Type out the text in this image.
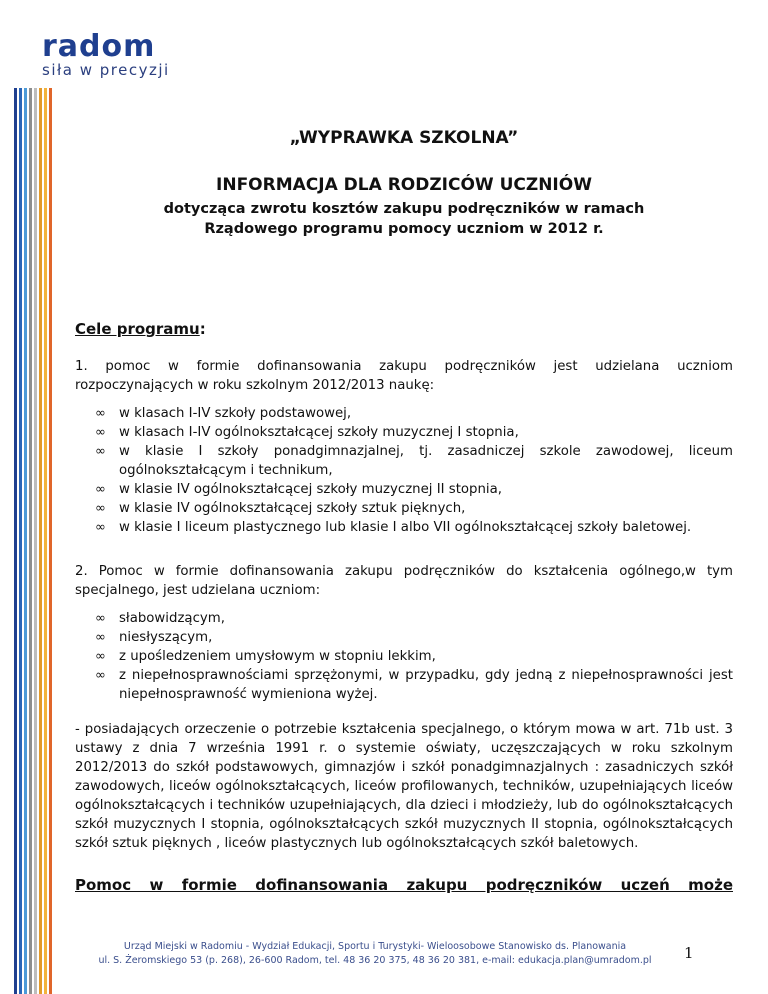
radom
siła w precyzji
„WYPRAWKA SZKOLNA”
INFORMACJA DLA RODZICÓW UCZNIÓW
dotycząca zwrotu kosztów zakupu podręczników w ramach
Rządowego programu pomocy uczniom w 2012 r.
Cele programu:
1. pomoc w formie dofinansowania zakupu podręczników jest udzielana uczniom rozpoczynających w roku szkolnym 2012/2013 naukę:
∞ w klasach I-IV szkoły podstawowej,
∞ w klasach I-IV ogólnokształcącej szkoły muzycznej I stopnia,
∞ w klasie I szkoły ponadgimnazjalnej, tj. zasadniczej szkole zawodowej, liceum ogólnokształcącym i technikum,
∞ w klasie IV ogólnokształcącej szkoły muzycznej II stopnia,
∞ w klasie IV ogólnokształcącej szkoły sztuk pięknych,
∞ w klasie I liceum plastycznego lub klasie I albo VII ogólnokształcącej szkoły baletowej.
2. Pomoc w formie dofinansowania zakupu podręczników do kształcenia ogólnego,w tym specjalnego, jest udzielana uczniom:
∞ słabowidzącym,
∞ niesłyszącym,
∞ z upośledzeniem umysłowym w stopniu lekkim,
∞ z niepełnosprawnościami sprzężonymi, w przypadku, gdy jedną z niepełnosprawności jest niepełnosprawność wymieniona wyżej.
- posiadających orzeczenie o potrzebie kształcenia specjalnego, o którym mowa w art. 71b ust. 3 ustawy z dnia 7 września 1991 r. o systemie oświaty, uczęszczających w roku szkolnym 2012/2013 do szkół podstawowych, gimnazjów i szkół ponadgimnazjalnych : zasadniczych szkół zawodowych, liceów ogólnokształcących, liceów profilowanych, techników, uzupełniających liceów ogólnokształcących i techników uzupełniających, dla dzieci i młodzieży, lub do ogólnokształcących szkół muzycznych I stopnia, ogólnokształcących szkół muzycznych II stopnia, ogólnokształcących szkół sztuk pięknych , liceów plastycznych lub ogólnokształcących szkół baletowych.
Pomoc w formie dofinansowania zakupu podręczników uczeń może
Urząd Miejski w Radomiu - Wydział Edukacji, Sportu i Turystyki- Wieloosobowe Stanowisko ds. Planowania
ul. S. Żeromskiego 53 (p. 268), 26-600 Radom, tel. 48 36 20 375, 48 36 20 381, e-mail: edukacja.plan@umradom.pl	1
